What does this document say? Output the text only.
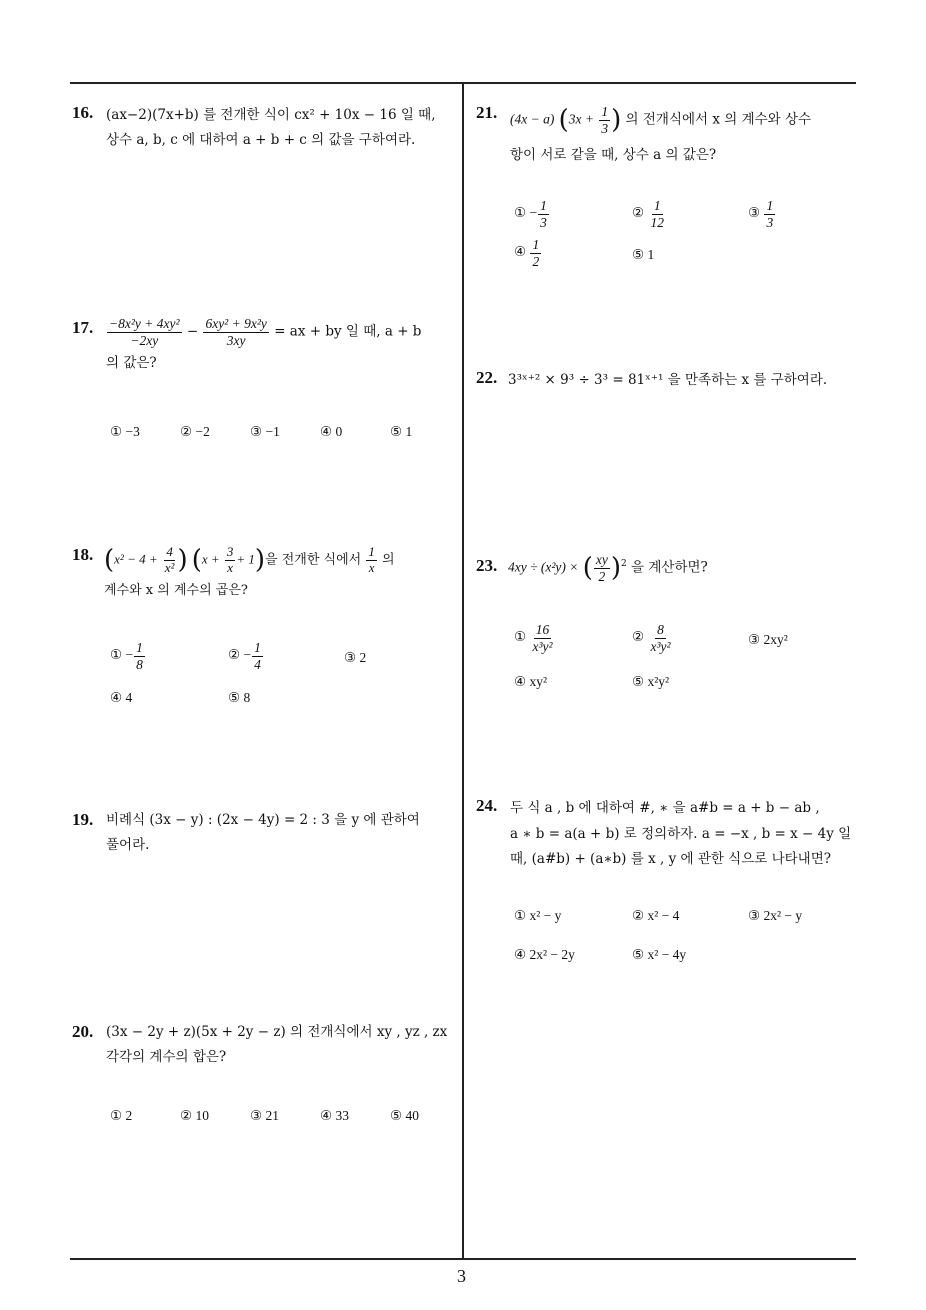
16. (ax−2)(7x+b) 를 전개한 식이 cx² + 10x − 16 일 때,
상수 a, b, c 에 대하여 a + b + c 의 값을 구하여라.
17. $\frac{\text{−8x²y + 4xy²}}{-2xy} - \frac{\text{6xy² + 9x²y}}{3xy}$ = ax + by 일 때, a + b
의 값은?
① −3	② −2	③ −1	④ 0	⑤ 1
18. ($x^2 - 4 + \frac{4}{\text{x²}}$ ) $(x + \frac{3}{x} + 1)$을 전개한 식에서 $\frac{1}{x}$ 의
계수와 x 의 계수의 곱은?
① − $\frac{1}{8}$	② − $\frac{1}{4}$	③ 2
④ 4	⑤ 8
19. 비례식 (3x − y) : (2x − 4y) = 2 : 3 을 y 에 관하여
풀어라.
20. (3x − 2y + z)(5x + 2y − z) 의 전개식에서 xy , yz , zx
각각의 계수의 합은?
① 2	② 10	③ 21	④ 33	⑤ 40
21. (4x − a) ($3x + \frac{1}{3}$ ) 의 전개식에서 x 의 계수와 상수
항이 서로 같을 때, 상수 a 의 값은?
① − $\frac{1}{3}$	② $\frac{1}{12}$	③ $\frac{1}{3}$
④ $\frac{1}{2}$	⑤ 1
22. 3³ˣ⁺² × 9³ ÷ 3³ = 81ˣ⁺¹ 을 만족하는 x 를 구하여라.
23. 4xy ÷ (x²y) × ( $\frac{xy}{2} )^2$ 을 계산하면?
① $\frac{16}{\text{x³y²}}$	② $\frac{8}{\text{x³y²}}$	③ 2xy²
④ xy²	⑤ x²y²
24. 두 식 a , b 에 대하여 #, ∗ 을 a#b = a + b − ab ,
a ∗ b = a(a + b) 로 정의하자. a = −x , b = x − 4y 일
때, (a#b) + (a∗b) 를 x , y 에 관한 식으로 나타내면?
① x² − y	② x² − 4	③ 2x² − y
④ 2x² − 2y	⑤ x² − 4y
3
